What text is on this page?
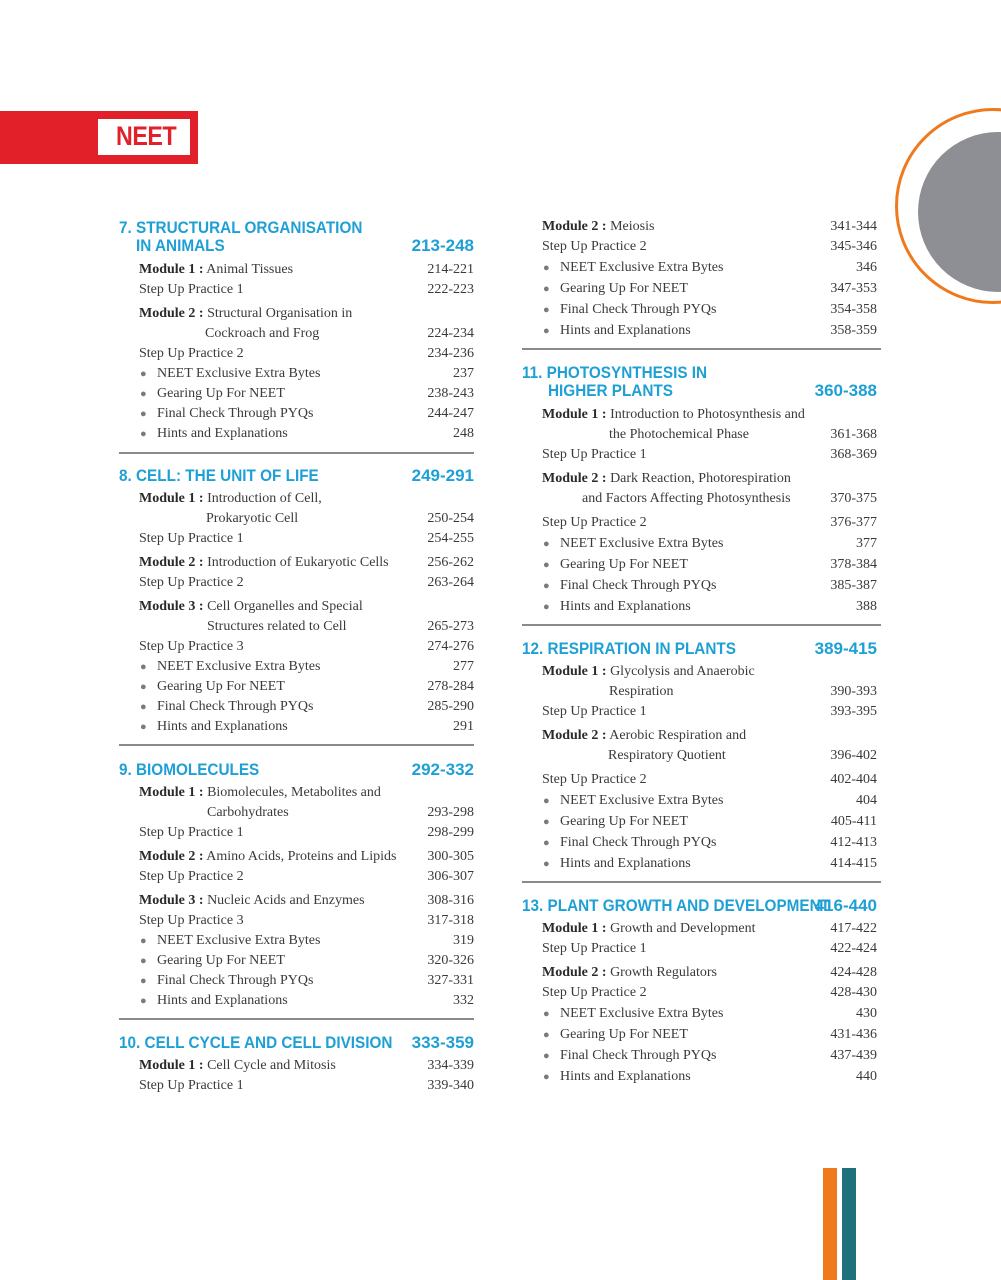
NEET
7. STRUCTURAL ORGANISATION
IN ANIMALS	213-248
Module 1 : Animal Tissues	214-221
Step Up Practice 1	222-223
Module 2 : Structural Organisation in
Cockroach and Frog	224-234
Step Up Practice 2	234-236
● NEET Exclusive Extra Bytes	237
● Gearing Up For NEET	238-243
● Final Check Through PYQs	244-247
● Hints and Explanations	248
8. CELL: THE UNIT OF LIFE	249-291
Module 1 : Introduction of Cell,
Prokaryotic Cell	250-254
Step Up Practice 1	254-255
Module 2 : Introduction of Eukaryotic Cells	256-262
Step Up Practice 2	263-264
Module 3 : Cell Organelles and Special
Structures related to Cell	265-273
Step Up Practice 3	274-276
● NEET Exclusive Extra Bytes	277
● Gearing Up For NEET	278-284
● Final Check Through PYQs	285-290
● Hints and Explanations	291
9. BIOMOLECULES	292-332
Module 1 : Biomolecules, Metabolites and
Carbohydrates	293-298
Step Up Practice 1	298-299
Module 2 : Amino Acids, Proteins and Lipids 300-305
Step Up Practice 2	306-307
Module 3 : Nucleic Acids and Enzymes	308-316
Step Up Practice 3	317-318
● NEET Exclusive Extra Bytes	319
● Gearing Up For NEET	320-326
● Final Check Through PYQs	327-331
● Hints and Explanations	332
10. CELL CYCLE AND CELL DIVISION 333-359
Module 1 : Cell Cycle and Mitosis	334-339
Step Up Practice 1	339-340
Module 2 : Meiosis	341-344
Step Up Practice 2	345-346
● NEET Exclusive Extra Bytes	346
● Gearing Up For NEET	347-353
● Final Check Through PYQs	354-358
● Hints and Explanations	358-359
11. PHOTOSYNTHESIS IN
HIGHER PLANTS	360-388
Module 1 : Introduction to Photosynthesis and
the Photochemical Phase	361-368
Step Up Practice 1	368-369
Module 2 : Dark Reaction, Photorespiration
and Factors Affecting Photosynthesis	370-375
Step Up Practice 2	376-377
● NEET Exclusive Extra Bytes	377
● Gearing Up For NEET	378-384
● Final Check Through PYQs	385-387
● Hints and Explanations	388
12. RESPIRATION IN PLANTS	389-415
Module 1 : Glycolysis and Anaerobic
Respiration	390-393
Step Up Practice 1	393-395
Module 2 : Aerobic Respiration and
Respiratory Quotient	396-402
Step Up Practice 2	402-404
● NEET Exclusive Extra Bytes	404
● Gearing Up For NEET	405-411
● Final Check Through PYQs	412-413
● Hints and Explanations	414-415
13. PLANT GROWTH AND DEVELOPMENT
416-440
Module 1 : Growth and Development	417-422
Step Up Practice 1	422-424
Module 2 : Growth Regulators	424-428
Step Up Practice 2	428-430
● NEET Exclusive Extra Bytes	430
● Gearing Up For NEET	431-436
● Final Check Through PYQs	437-439
● Hints and Explanations	440
